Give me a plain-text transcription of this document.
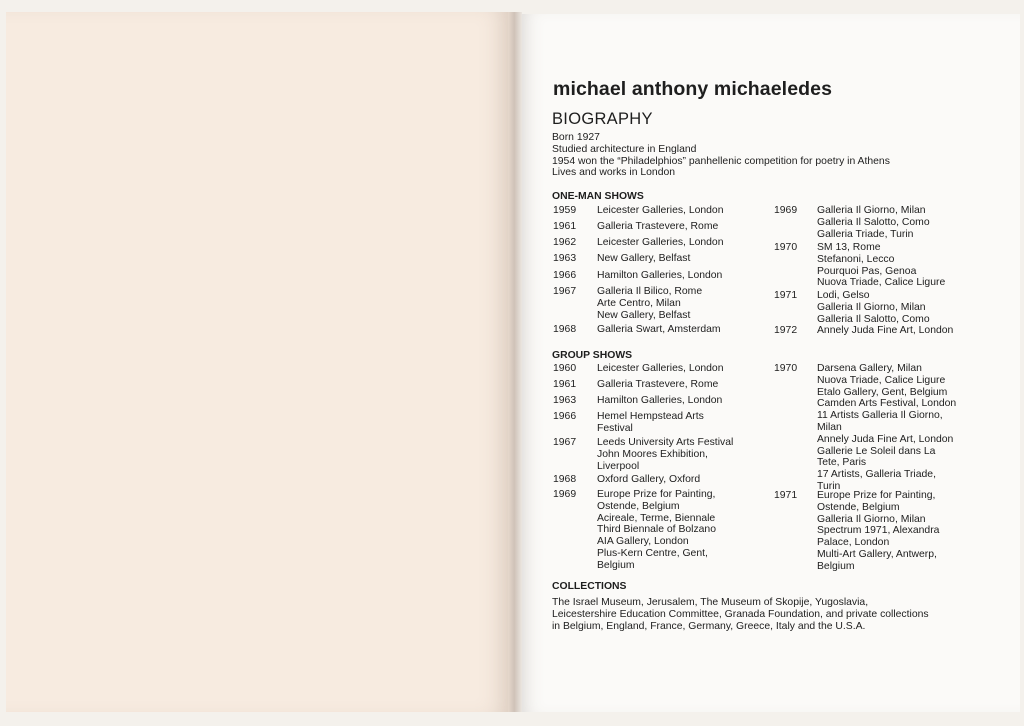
michael anthony michaeledes
BIOGRAPHY
Born 1927
Studied architecture in England
1954 won the “Philadelphios” panhellenic competition for poetry in Athens
Lives and works in London
ONE-MAN SHOWS
1959 Leicester Galleries, London
1961 Galleria Trastevere, Rome
1962 Leicester Galleries, London
1963 New Gallery, Belfast
1966 Hamilton Galleries, London
1967 Galleria Il Bilico, Rome
Arte Centro, Milan
New Gallery, Belfast
1968 Galleria Swart, Amsterdam
1969 Galleria Il Giorno, Milan
Galleria Il Salotto, Como
Galleria Triade, Turin
1970 SM 13, Rome
Stefanoni, Lecco
Pourquoi Pas, Genoa
Nuova Triade, Calice Ligure
1971 Lodi, Gelso
Galleria Il Giorno, Milan
Galleria Il Salotto, Como
1972 Annely Juda Fine Art, London
GROUP SHOWS
1960 Leicester Galleries, London
1961 Galleria Trastevere, Rome
1963 Hamilton Galleries, London
1966 Hemel Hempstead Arts
Festival
1967 Leeds University Arts Festival
John Moores Exhibition,
Liverpool
1968 Oxford Gallery, Oxford
1969 Europe Prize for Painting,
Ostende, Belgium
Acireale, Terme, Biennale
Third Biennale of Bolzano
AIA Gallery, London
Plus-Kern Centre, Gent,
Belgium
1970 Darsena Gallery, Milan
Nuova Triade, Calice Ligure
Etalo Gallery, Gent, Belgium
Camden Arts Festival, London
11 Artists Galleria Il Giorno,
Milan
Annely Juda Fine Art, London
Gallerie Le Soleil dans La
Tete, Paris
17 Artists, Galleria Triade,
Turin
1971 Europe Prize for Painting,
Ostende, Belgium
Galleria Il Giorno, Milan
Spectrum 1971, Alexandra
Palace, London
Multi-Art Gallery, Antwerp,
Belgium
COLLECTIONS
The Israel Museum, Jerusalem, The Museum of Skopije, Yugoslavia,
Leicestershire Education Committee, Granada Foundation, and private collections
in Belgium, England, France, Germany, Greece, Italy and the U.S.A.
